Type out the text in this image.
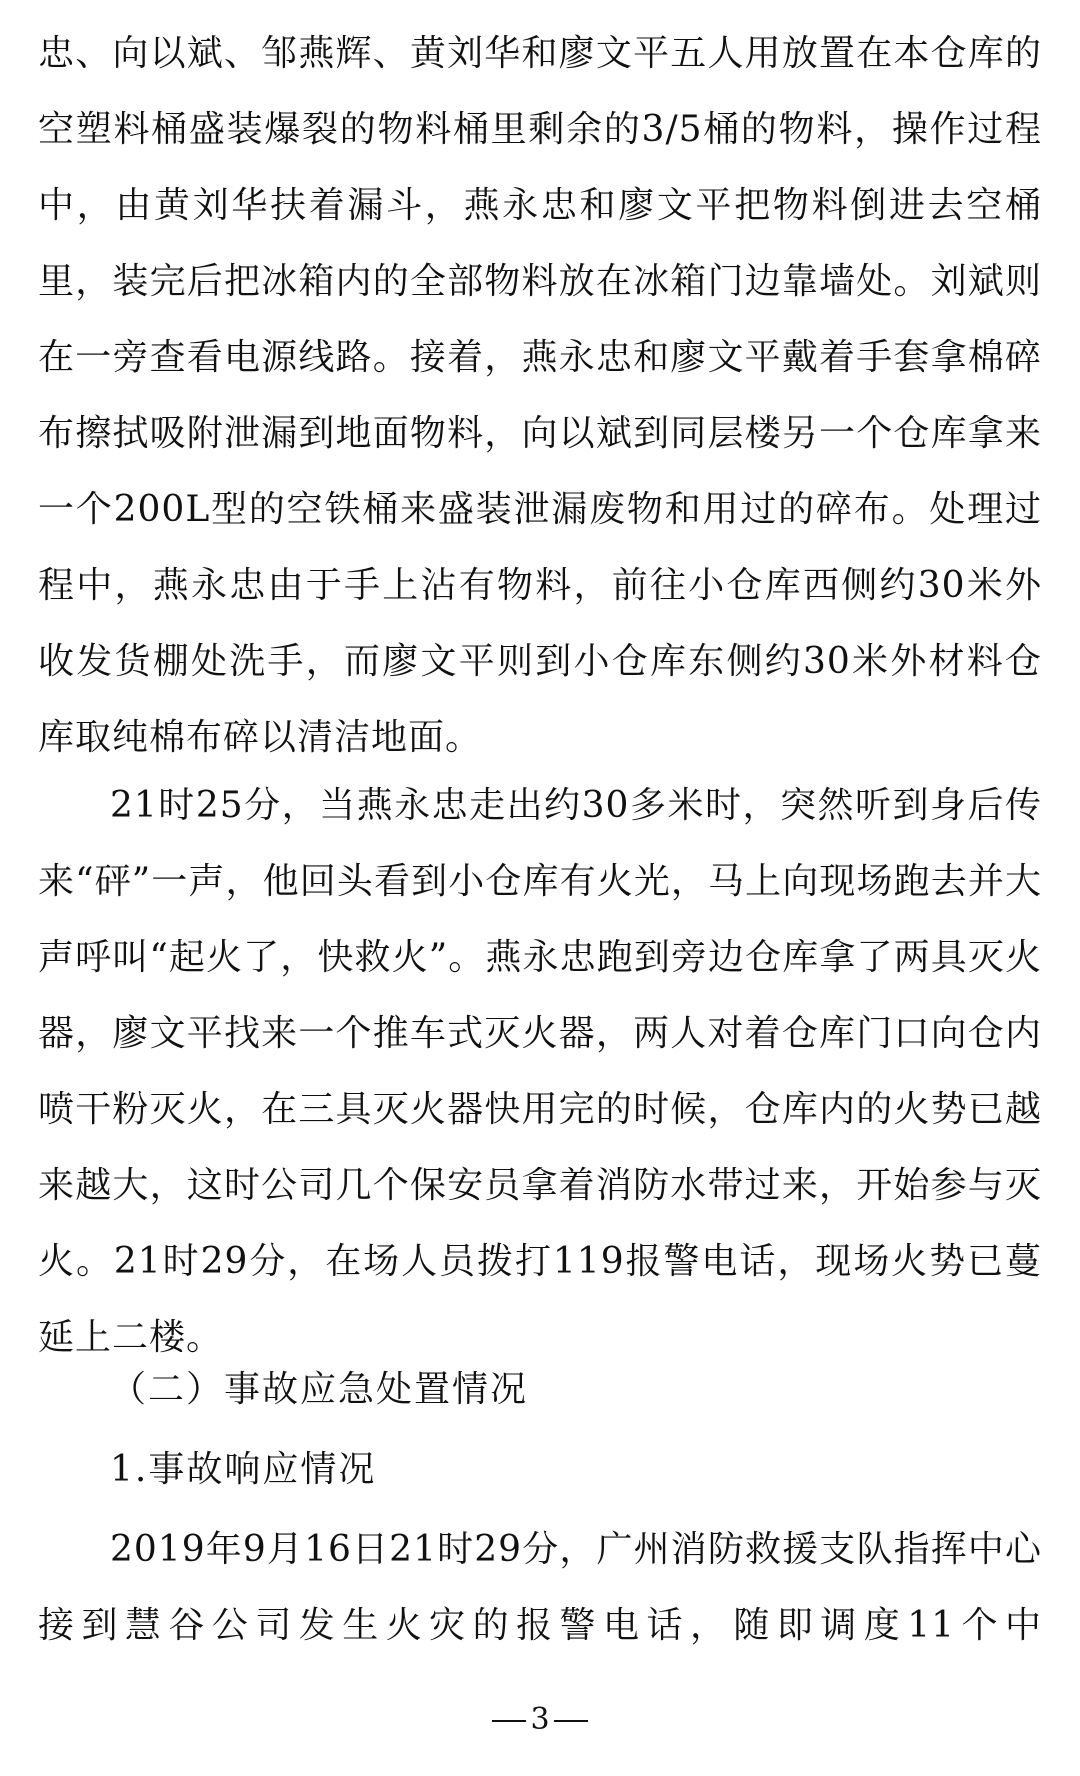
忠、向以斌、邹燕辉、黄刘华和廖文平五人用放置在本仓库的空塑料桶盛装爆裂的物料桶里剩余的3/5桶的物料，操作过程中，由黄刘华扶着漏斗，燕永忠和廖文平把物料倒进去空桶里，装完后把冰箱内的全部物料放在冰箱门边靠墙处。刘斌则在一旁查看电源线路。接着，燕永忠和廖文平戴着手套拿棉碎布擦拭吸附泄漏到地面物料，向以斌到同层楼另一个仓库拿来一个200L型的空铁桶来盛装泄漏废物和用过的碎布。处理过程中，燕永忠由于手上沾有物料，前往小仓库西侧约30米外收发货棚处洗手，而廖文平则到小仓库东侧约30米外材料仓库取纯棉布碎以清洁地面。

21时25分，当燕永忠走出约30多米时，突然听到身后传来“砰”一声，他回头看到小仓库有火光，马上向现场跑去并大声呼叫“起火了，快救火”。燕永忠跑到旁边仓库拿了两具灭火器，廖文平找来一个推车式灭火器，两人对着仓库门口向仓内喷干粉灭火，在三具灭火器快用完的时候，仓库内的火势已越来越大，这时公司几个保安员拿着消防水带过来，开始参与灭火。21时29分，在场人员拨打119报警电话，现场火势已蔓延上二楼。

（二）事故应急处置情况

1.事故响应情况

2019年9月16日21时29分，广州消防救援支队指挥中心接到慧谷公司发生火灾的报警电话，随即调度11个中

3
